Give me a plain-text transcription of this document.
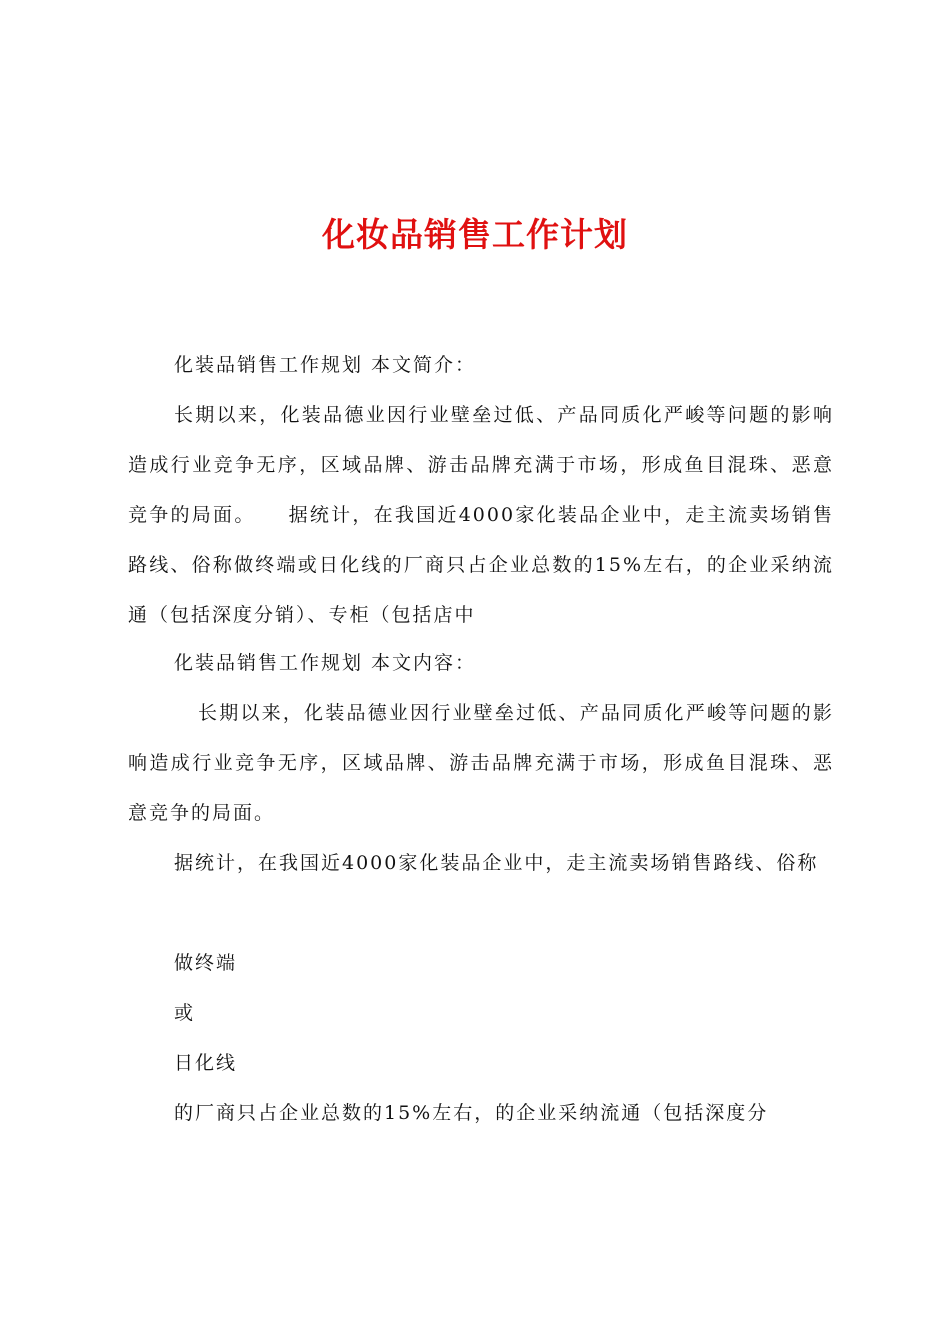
化妆品销售工作计划
化装品销售工作规划 本文简介：

长期以来，化装品德业因行业壁垒过低、产品同质化严峻等问题的影响造成行业竞争无序，区域品牌、游击品牌充满于市场，形成鱼目混珠、恶意竞争的局面。　　据统计，在我国近4000家化装品企业中，走主流卖场销售路线、俗称做终端或日化线的厂商只占企业总数的15%左右，的企业采纳流通（包括深度分销）、专柜（包括店中

化装品销售工作规划 本文内容：

长期以来，化装品德业因行业壁垒过低、产品同质化严峻等问题的影响造成行业竞争无序，区域品牌、游击品牌充满于市场，形成鱼目混珠、恶意竞争的局面。

据统计，在我国近4000家化装品企业中，走主流卖场销售路线、俗称

做终端
或
日化线
的厂商只占企业总数的15%左右，的企业采纳流通（包括深度分
